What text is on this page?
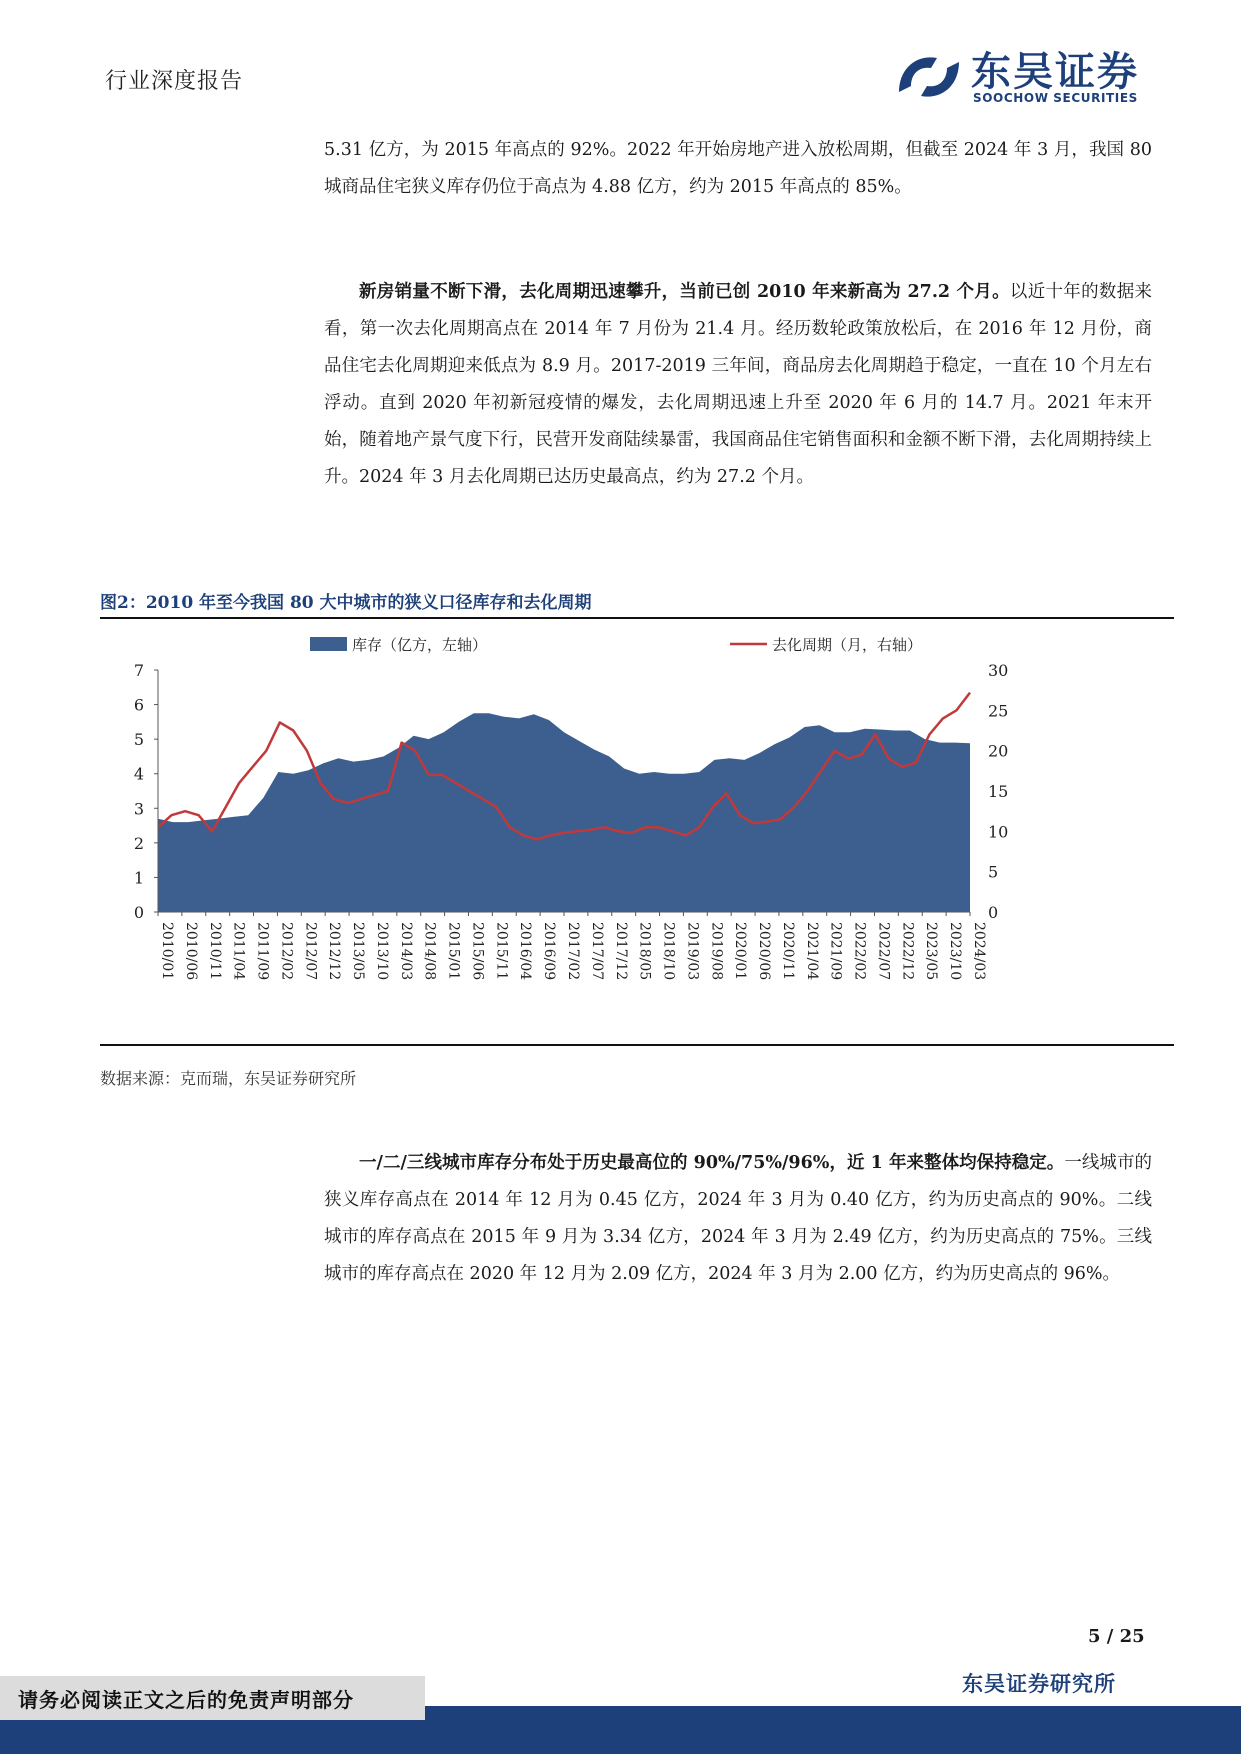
行业深度报告	东吴证券
SOOCHOW SECURITIES
5.31 亿方，为 2015 年高点的 92%。2022 年开始房地产进入放松周期，但截至 2024 年 3 月，我国 80 城商品住宅狭义库存仍位于高点为 4.88 亿方，约为 2015 年高点的 85%。
新房销量不断下滑，去化周期迅速攀升，当前已创 2010 年来新高为 27.2 个月。以近十年的数据来看，第一次去化周期高点在 2014 年 7 月份为 21.4 月。经历数轮政策放松后，在 2016 年 12 月份，商品住宅去化周期迎来低点为 8.9 月。2017-2019 三年间，商品房去化周期趋于稳定，一直在 10 个月左右浮动。直到 2020 年初新冠疫情的爆发，去化周期迅速上升至 2020 年 6 月的 14.7 月。2021 年末开始，随着地产景气度下行，民营开发商陆续暴雷，我国商品住宅销售面积和金额不断下滑，去化周期持续上升。2024 年 3 月去化周期已达历史最高点，约为 27.2 个月。
图2：2010 年至今我国 80 大中城市的狭义口径库存和去化周期
库存（亿方，左轴）	去化周期（月，右轴）
0
1
2
3
4
5
6
7
0
5
10
15
20
25
30
2010/01 2010/06 2010/11 2011/04 2011/09 2012/02 2012/07 2012/12 2013/05 2013/10 2014/03 2014/08 2015/01 2015/06 2015/11 2016/04 2016/09 2017/02 2017/07 2017/12 2018/05 2018/10 2019/03 2019/08 2020/01 2020/06 2020/11 2021/04 2021/09 2022/02 2022/07 2022/12 2023/05 2023/10 2024/03
数据来源：克而瑞，东吴证券研究所
一/二/三线城市库存分布处于历史最高位的 90%/75%/96%，近 1 年来整体均保持稳定。一线城市的狭义库存高点在 2014 年 12 月为 0.45 亿方，2024 年 3 月为 0.40 亿方，约为历史高点的 90%。二线城市的库存高点在 2015 年 9 月为 3.34 亿方，2024 年 3 月为 2.49 亿方，约为历史高点的 75%。三线城市的库存高点在 2020 年 12 月为 2.09 亿方，2024 年 3 月为 2.00 亿方，约为历史高点的 96%。
5 / 25
东吴证券研究所
请务必阅读正文之后的免责声明部分
